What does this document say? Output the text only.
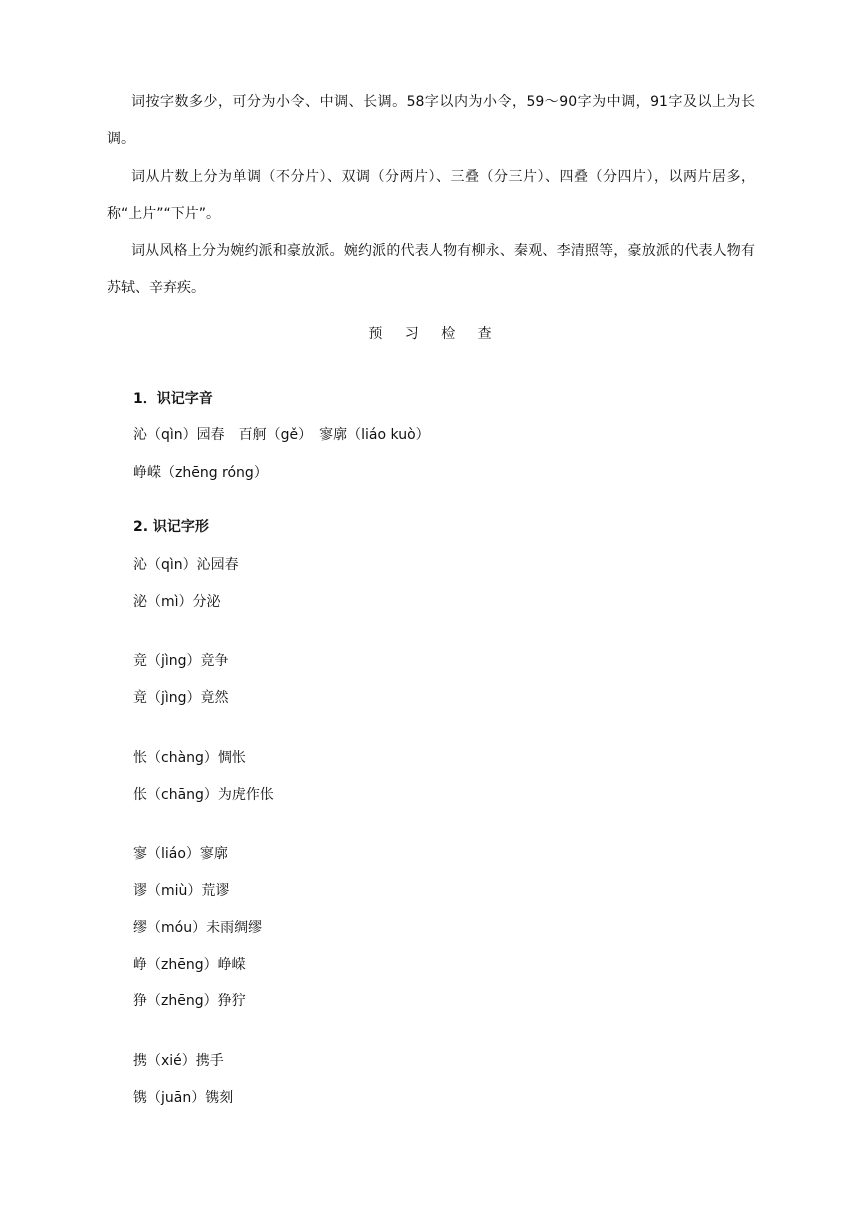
词按字数多少，可分为小令、中调、长调。58字以内为小令，59～90字为中调，91字及以上为长调。

词从片数上分为单调（不分片）、双调（分两片）、三叠（分三片）、四叠（分四片），以两片居多，称“上片”“下片”。

词从风格上分为婉约派和豪放派。婉约派的代表人物有柳永、秦观、李清照等，豪放派的代表人物有苏轼、辛弃疾。

预 习 检 查

1．识记字音

沁（qìn）园春　百舸（gě）　寥廓（liáo kuò）

峥嵘（zhēng róng）

2. 识记字形

沁（qìn）沁园春

泌（mì）分泌

竞（jìng）竞争

竟（jìng）竟然

怅（chàng）惆怅

伥（chāng）为虎作伥

寥（liáo）寥廓

谬（miù）荒谬

缪（móu）未雨绸缪

峥（zhēng）峥嵘

狰（zhēng）狰狞

携（xié）携手

镌（juān）镌刻
